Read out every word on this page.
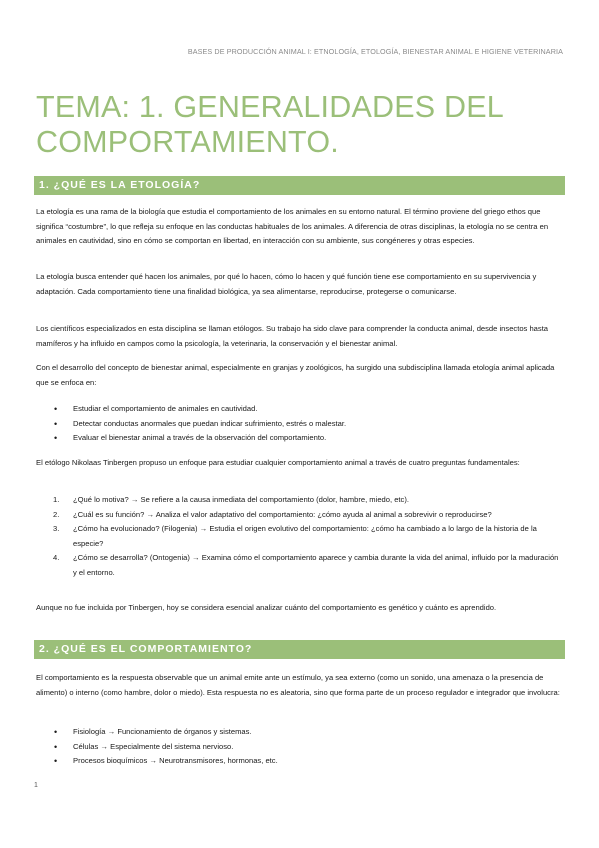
BASES DE PRODUCCIÓN ANIMAL I: ETNOLOGÍA, ETOLOGÍA, BIENESTAR ANIMAL E HIGIENE VETERINARIA
TEMA: 1. GENERALIDADES DEL COMPORTAMIENTO.
1. ¿QUÉ ES LA ETOLOGÍA?

La etología es una rama de la biología que estudia el comportamiento de los animales en su entorno natural. El término proviene del griego ethos que significa “costumbre”, lo que refleja su enfoque en las conductas habituales de los animales. A diferencia de otras disciplinas, la etología no se centra en animales en cautividad, sino en cómo se comportan en libertad, en interacción con su ambiente, sus congéneres y otras especies.

La etología busca entender qué hacen los animales, por qué lo hacen, cómo lo hacen y qué función tiene ese comportamiento en su supervivencia y adaptación. Cada comportamiento tiene una finalidad biológica, ya sea alimentarse, reproducirse, protegerse o comunicarse.

Los científicos especializados en esta disciplina se llaman etólogos. Su trabajo ha sido clave para comprender la conducta animal, desde insectos hasta mamíferos y ha influido en campos como la psicología, la veterinaria, la conservación y el bienestar animal.

Con el desarrollo del concepto de bienestar animal, especialmente en granjas y zoológicos, ha surgido una subdisciplina llamada etología animal aplicada que se enfoca en:

• Estudiar el comportamiento de animales en cautividad.
• Detectar conductas anormales que puedan indicar sufrimiento, estrés o malestar.
• Evaluar el bienestar animal a través de la observación del comportamiento.

El etólogo Nikolaas Tinbergen propuso un enfoque para estudiar cualquier comportamiento animal a través de cuatro preguntas fundamentales:

1. ¿Qué lo motiva? → Se refiere a la causa inmediata del comportamiento (dolor, hambre, miedo, etc).
2. ¿Cuál es su función? → Analiza el valor adaptativo del comportamiento: ¿cómo ayuda al animal a sobrevivir o reproducirse?
3. ¿Cómo ha evolucionado? (Filogenia) → Estudia el origen evolutivo del comportamiento: ¿cómo ha cambiado a lo largo de la historia de la especie?
4. ¿Cómo se desarrolla? (Ontogenia) → Examina cómo el comportamiento aparece y cambia durante la vida del animal, influido por la maduración y el entorno.

Aunque no fue incluida por Tinbergen, hoy se considera esencial analizar cuánto del comportamiento es genético y cuánto es aprendido.

2. ¿QUÉ ES EL COMPORTAMIENTO?

El comportamiento es la respuesta observable que un animal emite ante un estímulo, ya sea externo (como un sonido, una amenaza o la presencia de alimento) o interno (como hambre, dolor o miedo). Esta respuesta no es aleatoria, sino que forma parte de un proceso regulador e integrador que involucra:

• Fisiología → Funcionamiento de órganos y sistemas.
• Células → Especialmente del sistema nervioso.
• Procesos bioquímicos → Neurotransmisores, hormonas, etc.
1
